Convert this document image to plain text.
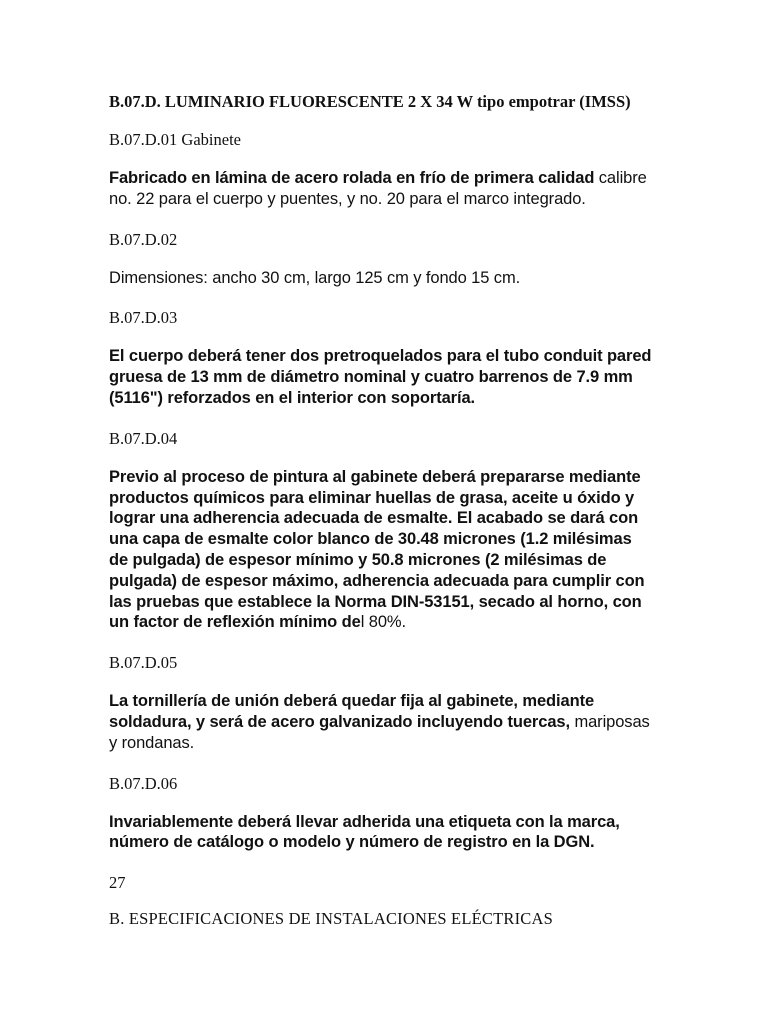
B.07.D. LUMINARIO FLUORESCENTE 2 X 34 W tipo empotrar (IMSS)
B.07.D.01 Gabinete
Fabricado en lámina de acero rolada en frío de primera calidad calibre no. 22 para el cuerpo y puentes, y no. 20 para el marco integrado.
B.07.D.02
Dimensiones: ancho 30 cm, largo 125 cm y fondo 15 cm.
B.07.D.03
El cuerpo deberá tener dos pretroquelados para el tubo conduit pared gruesa de 13 mm de diámetro nominal y cuatro barrenos de 7.9 mm (5116") reforzados en el interior con soportaría.
B.07.D.04
Previo al proceso de pintura al gabinete deberá prepararse mediante productos químicos para eliminar huellas de grasa, aceite u óxido y lograr una adherencia adecuada de esmalte. El acabado se dará con una capa de esmalte color blanco de 30.48 micrones (1.2 milésimas de pulgada) de espesor mínimo y 50.8 micrones (2 milésimas de pulgada) de espesor máximo, adherencia adecuada para cumplir con las pruebas que establece la Norma DIN-53151, secado al horno, con un factor de reflexión mínimo del 80%.
B.07.D.05
La tornillería de unión deberá quedar fija al gabinete, mediante soldadura, y será de acero galvanizado incluyendo tuercas, mariposas y rondanas.
B.07.D.06
Invariablemente deberá llevar adherida una etiqueta con la marca, número de catálogo o modelo y número de registro en la DGN.
27
B. ESPECIFICACIONES DE INSTALACIONES ELÉCTRICAS
